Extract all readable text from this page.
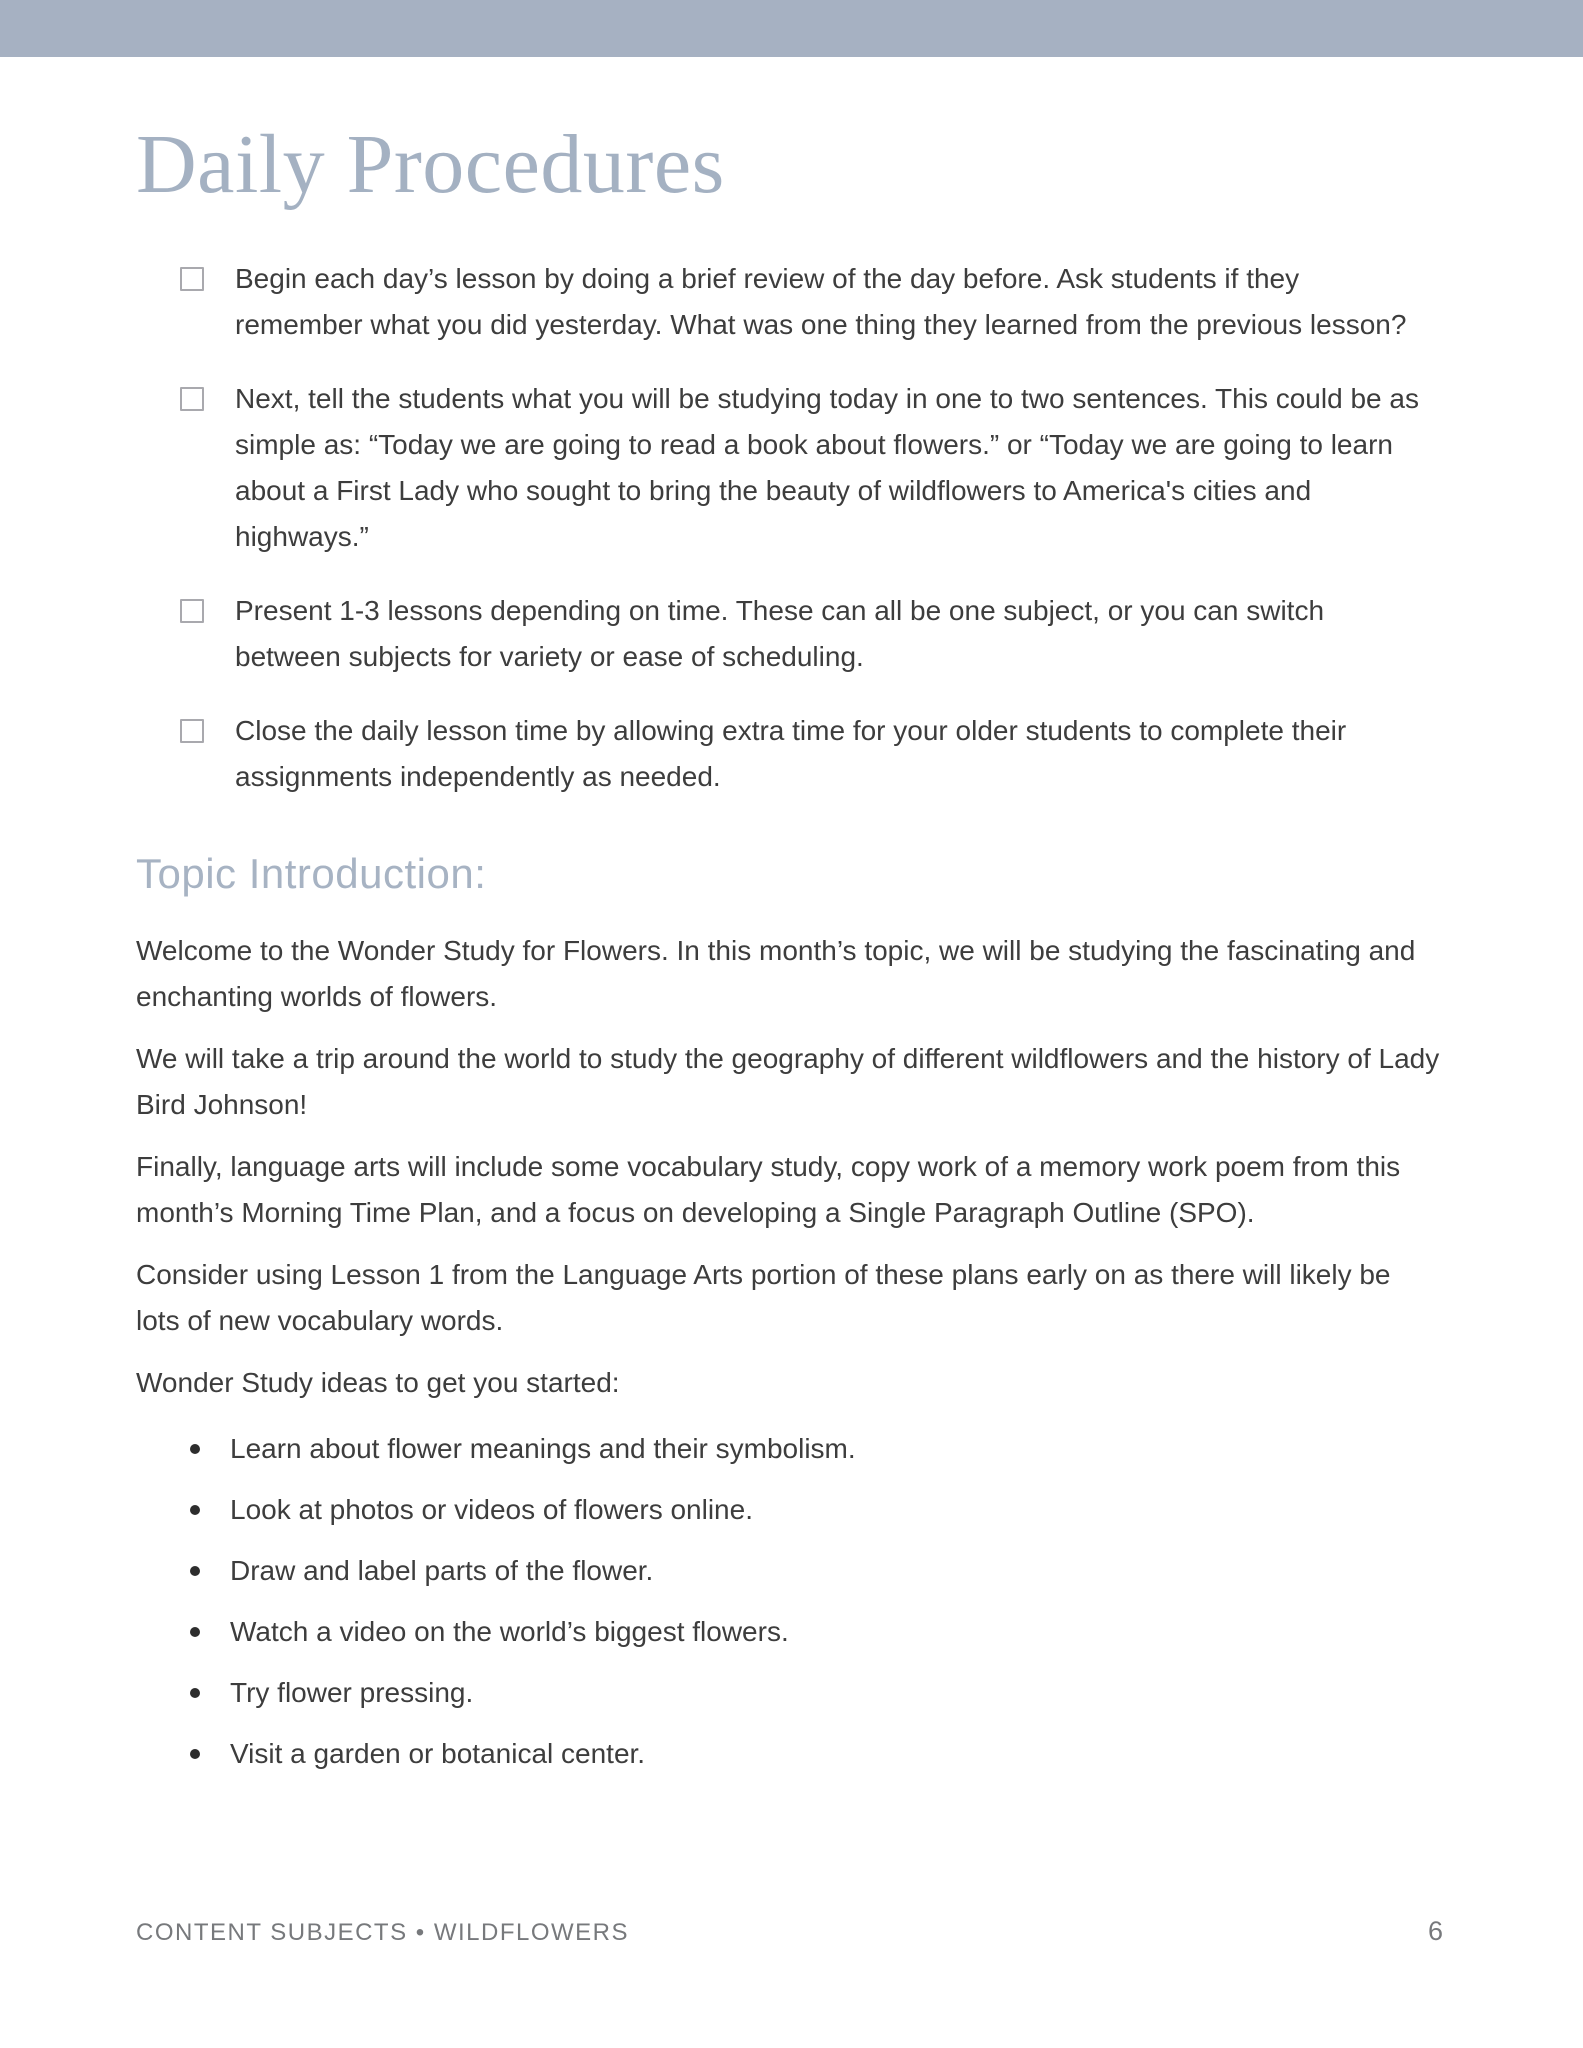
Daily Procedures
Begin each day’s lesson by doing a brief review of the day before. Ask students if they remember what you did yesterday. What was one thing they learned from the previous lesson?
Next, tell the students what you will be studying today in one to two sentences. This could be as simple as: “Today we are going to read a book about flowers.” or “Today we are going to learn about a First Lady who sought to bring the beauty of wildflowers to America's cities and highways.”
Present 1-3 lessons depending on time. These can all be one subject, or you can switch between subjects for variety or ease of scheduling.
Close the daily lesson time by allowing extra time for your older students to complete their assignments independently as needed.
Topic Introduction:

Welcome to the Wonder Study for Flowers. In this month’s topic, we will be studying the fascinating and enchanting worlds of flowers.

We will take a trip around the world to study the geography of different wildflowers and the history of Lady Bird Johnson!

Finally, language arts will include some vocabulary study, copy work of a memory work poem from this month’s Morning Time Plan, and a focus on developing a Single Paragraph Outline (SPO).

Consider using Lesson 1 from the Language Arts portion of these plans early on as there will likely be lots of new vocabulary words.

Wonder Study ideas to get you started:

Learn about flower meanings and their symbolism.
Look at photos or videos of flowers online.
Draw and label parts of the flower.
Watch a video on the world’s biggest flowers.
Try flower pressing.
Visit a garden or botanical center.
CONTENT SUBJECTS • WILDFLOWERS	6
